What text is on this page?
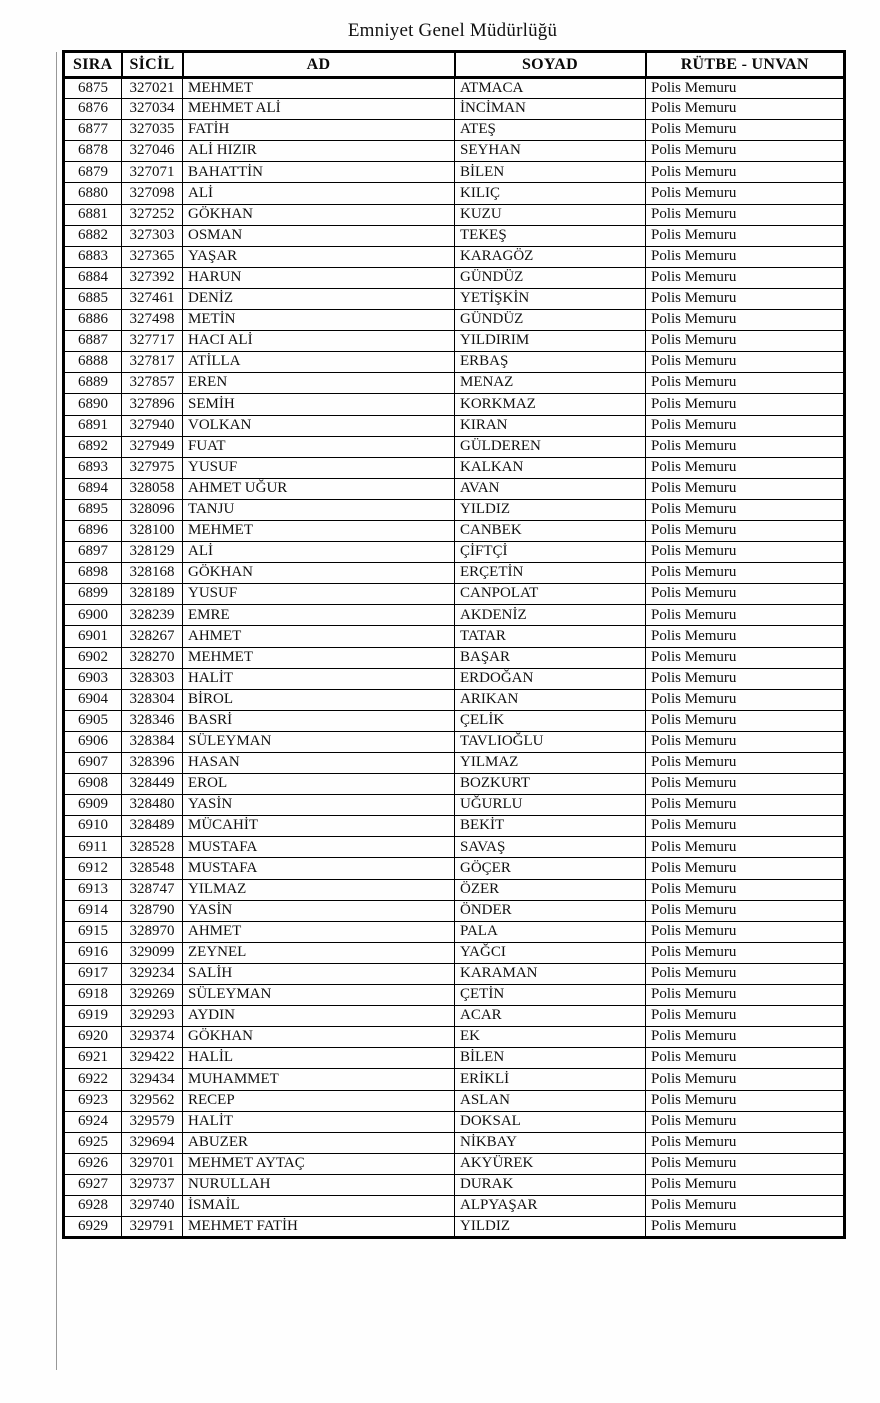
Emniyet Genel Müdürlüğü
SIRA	SİCİL	AD	SOYAD	RÜTBE - UNVAN
6875	327021	MEHMET	ATMACA	Polis Memuru
6876	327034	MEHMET ALİ	İNCİMAN	Polis Memuru
6877	327035	FATİH	ATEŞ	Polis Memuru
6878	327046	ALİ HIZIR	SEYHAN	Polis Memuru
6879	327071	BAHATTİN	BİLEN	Polis Memuru
6880	327098	ALİ	KILIÇ	Polis Memuru
6881	327252	GÖKHAN	KUZU	Polis Memuru
6882	327303	OSMAN	TEKEŞ	Polis Memuru
6883	327365	YAŞAR	KARAGÖZ	Polis Memuru
6884	327392	HARUN	GÜNDÜZ	Polis Memuru
6885	327461	DENİZ	YETİŞKİN	Polis Memuru
6886	327498	METİN	GÜNDÜZ	Polis Memuru
6887	327717	HACI ALİ	YILDIRIM	Polis Memuru
6888	327817	ATİLLA	ERBAŞ	Polis Memuru
6889	327857	EREN	MENAZ	Polis Memuru
6890	327896	SEMİH	KORKMAZ	Polis Memuru
6891	327940	VOLKAN	KIRAN	Polis Memuru
6892	327949	FUAT	GÜLDEREN	Polis Memuru
6893	327975	YUSUF	KALKAN	Polis Memuru
6894	328058	AHMET UĞUR	AVAN	Polis Memuru
6895	328096	TANJU	YILDIZ	Polis Memuru
6896	328100	MEHMET	CANBEK	Polis Memuru
6897	328129	ALİ	ÇİFTÇİ	Polis Memuru
6898	328168	GÖKHAN	ERÇETİN	Polis Memuru
6899	328189	YUSUF	CANPOLAT	Polis Memuru
6900	328239	EMRE	AKDENİZ	Polis Memuru
6901	328267	AHMET	TATAR	Polis Memuru
6902	328270	MEHMET	BAŞAR	Polis Memuru
6903	328303	HALİT	ERDOĞAN	Polis Memuru
6904	328304	BİROL	ARIKAN	Polis Memuru
6905	328346	BASRİ	ÇELİK	Polis Memuru
6906	328384	SÜLEYMAN	TAVLIOĞLU	Polis Memuru
6907	328396	HASAN	YILMAZ	Polis Memuru
6908	328449	EROL	BOZKURT	Polis Memuru
6909	328480	YASİN	UĞURLU	Polis Memuru
6910	328489	MÜCAHİT	BEKİT	Polis Memuru
6911	328528	MUSTAFA	SAVAŞ	Polis Memuru
6912	328548	MUSTAFA	GÖÇER	Polis Memuru
6913	328747	YILMAZ	ÖZER	Polis Memuru
6914	328790	YASİN	ÖNDER	Polis Memuru
6915	328970	AHMET	PALA	Polis Memuru
6916	329099	ZEYNEL	YAĞCI	Polis Memuru
6917	329234	SALİH	KARAMAN	Polis Memuru
6918	329269	SÜLEYMAN	ÇETİN	Polis Memuru
6919	329293	AYDIN	ACAR	Polis Memuru
6920	329374	GÖKHAN	EK	Polis Memuru
6921	329422	HALİL	BİLEN	Polis Memuru
6922	329434	MUHAMMET	ERİKLİ	Polis Memuru
6923	329562	RECEP	ASLAN	Polis Memuru
6924	329579	HALİT	DOKSAL	Polis Memuru
6925	329694	ABUZER	NİKBAY	Polis Memuru
6926	329701	MEHMET AYTAÇ	AKYÜREK	Polis Memuru
6927	329737	NURULLAH	DURAK	Polis Memuru
6928	329740	İSMAİL	ALPYAŞAR	Polis Memuru
6929	329791	MEHMET FATİH	YILDIZ	Polis Memuru
